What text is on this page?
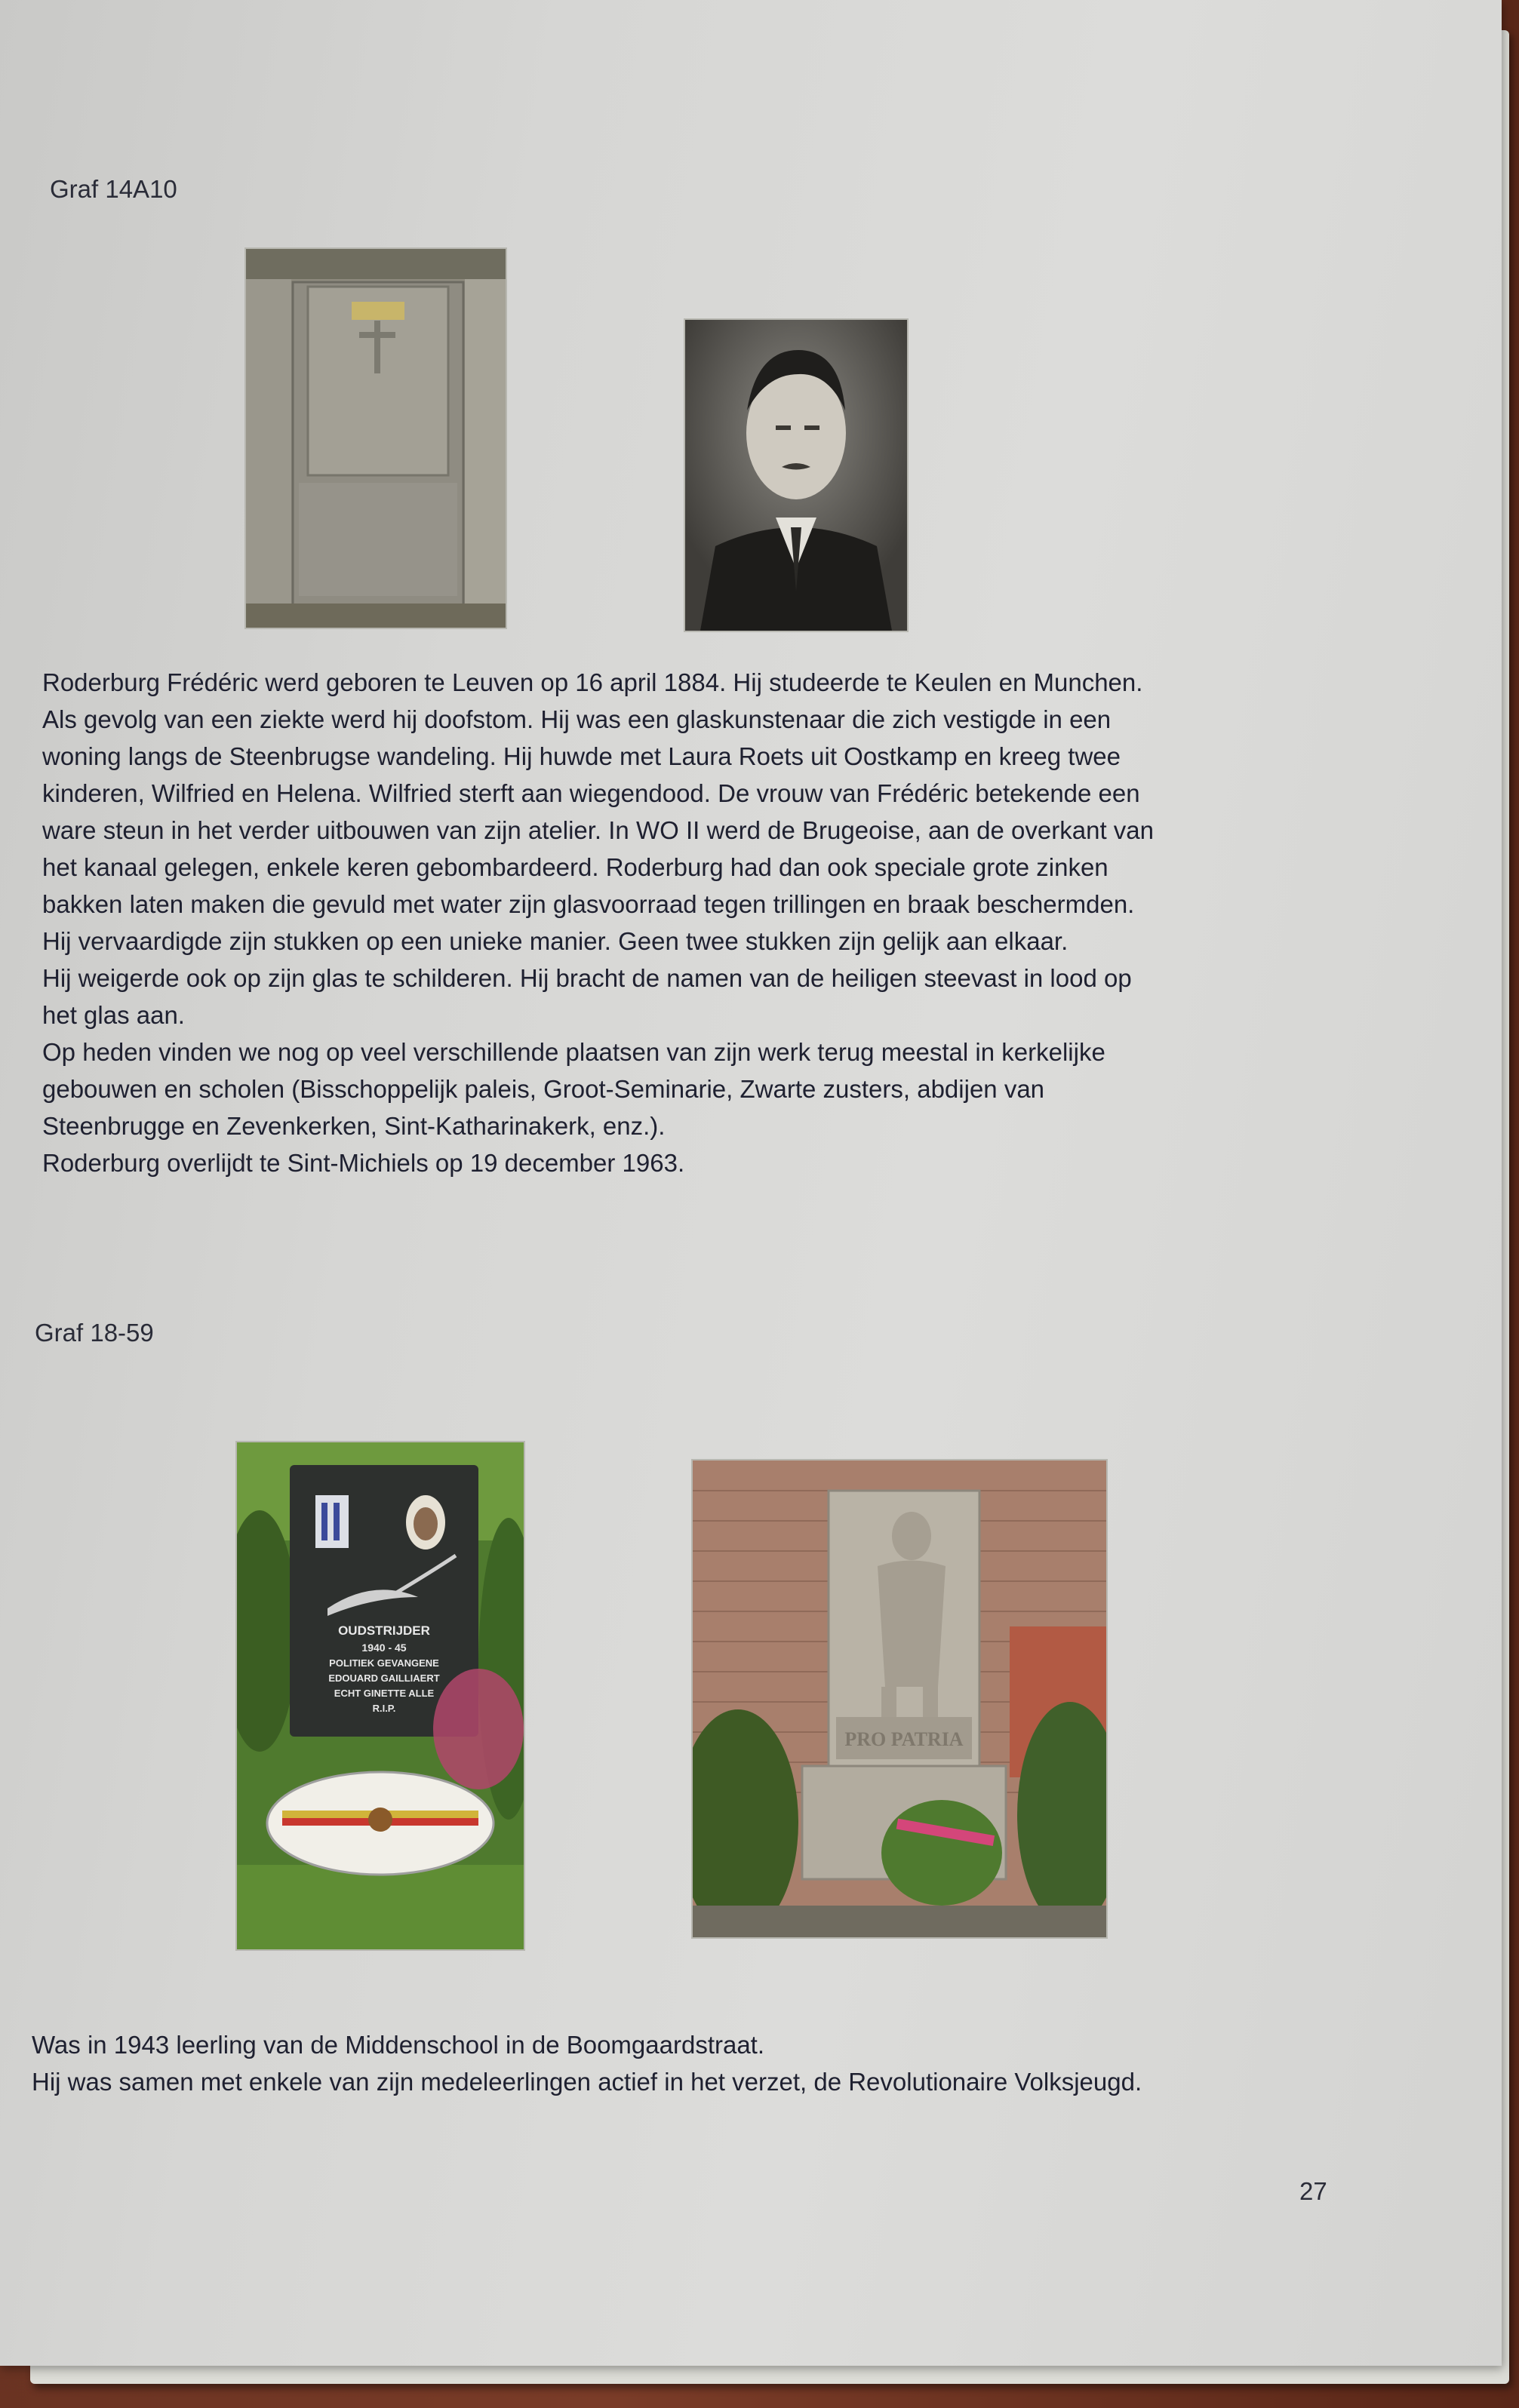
Graf 14A10

Roderburg Frédéric werd geboren te Leuven op 16 april 1884. Hij studeerde te Keulen en Munchen.
Als gevolg van een ziekte werd hij doofstom. Hij was een glaskunstenaar die zich vestigde in een
woning langs de Steenbrugse wandeling. Hij huwde met Laura Roets uit Oostkamp en kreeg twee
kinderen, Wilfried en Helena. Wilfried sterft aan wiegendood. De vrouw van Frédéric betekende een
ware steun in het verder uitbouwen van zijn atelier. In WO II werd de Brugeoise, aan de overkant van
het kanaal gelegen, enkele keren gebombardeerd. Roderburg had dan ook speciale grote zinken
bakken laten maken die gevuld met water zijn glasvoorraad tegen trillingen en braak beschermden.
Hij vervaardigde zijn stukken op een unieke manier. Geen twee stukken zijn gelijk aan elkaar.
Hij weigerde ook op zijn glas te schilderen. Hij bracht de namen van de heiligen steevast in lood op
het glas aan.
Op heden vinden we nog op veel verschillende plaatsen van zijn werk terug meestal in kerkelijke
gebouwen en scholen (Bisschoppelijk paleis, Groot-Seminarie, Zwarte zusters, abdijen van
Steenbrugge en Zevenkerken, Sint-Katharinakerk, enz.).
Roderburg overlijdt te Sint-Michiels op 19 december 1963.

Graf 18-59
OUDSTRIJDER
1940 - 45
POLITIEK GEVANGENE
EDOUARD GAILLIAERT
ECHT GINETTE ALLE
R.I.P.
PRO PATRIA

Was in 1943 leerling van de Middenschool in de Boomgaardstraat.
Hij was samen met enkele van zijn medeleerlingen actief in het verzet, de Revolutionaire Volksjeugd.

27
